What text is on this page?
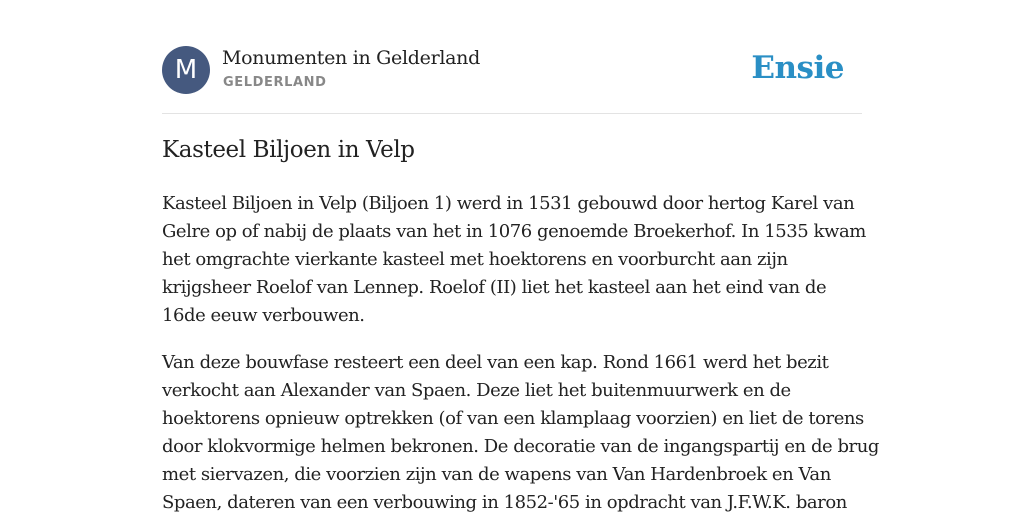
M	Monumenten in Gelderland
GELDERLAND	Ensie
Kasteel Biljoen in Velp

Kasteel Biljoen in Velp (Biljoen 1) werd in 1531 gebouwd door hertog Karel van
Gelre op of nabij de plaats van het in 1076 genoemde Broekerhof. In 1535 kwam
het omgrachte vierkante kasteel met hoektorens en voorburcht aan zijn
krijgsheer Roelof van Lennep. Roelof (II) liet het kasteel aan het eind van de
16de eeuw verbouwen.

Van deze bouwfase resteert een deel van een kap. Rond 1661 werd het bezit
verkocht aan Alexander van Spaen. Deze liet het buitenmuurwerk en de
hoektorens opnieuw optrekken (of van een klamplaag voorzien) en liet de torens
door klokvormige helmen bekronen. De decoratie van de ingangspartij en de brug
met siervazen, die voorzien zijn van de wapens van Van Hardenbroek en Van
Spaen, dateren van een verbouwing in 1852-'65 in opdracht van J.F.W.K. baron
